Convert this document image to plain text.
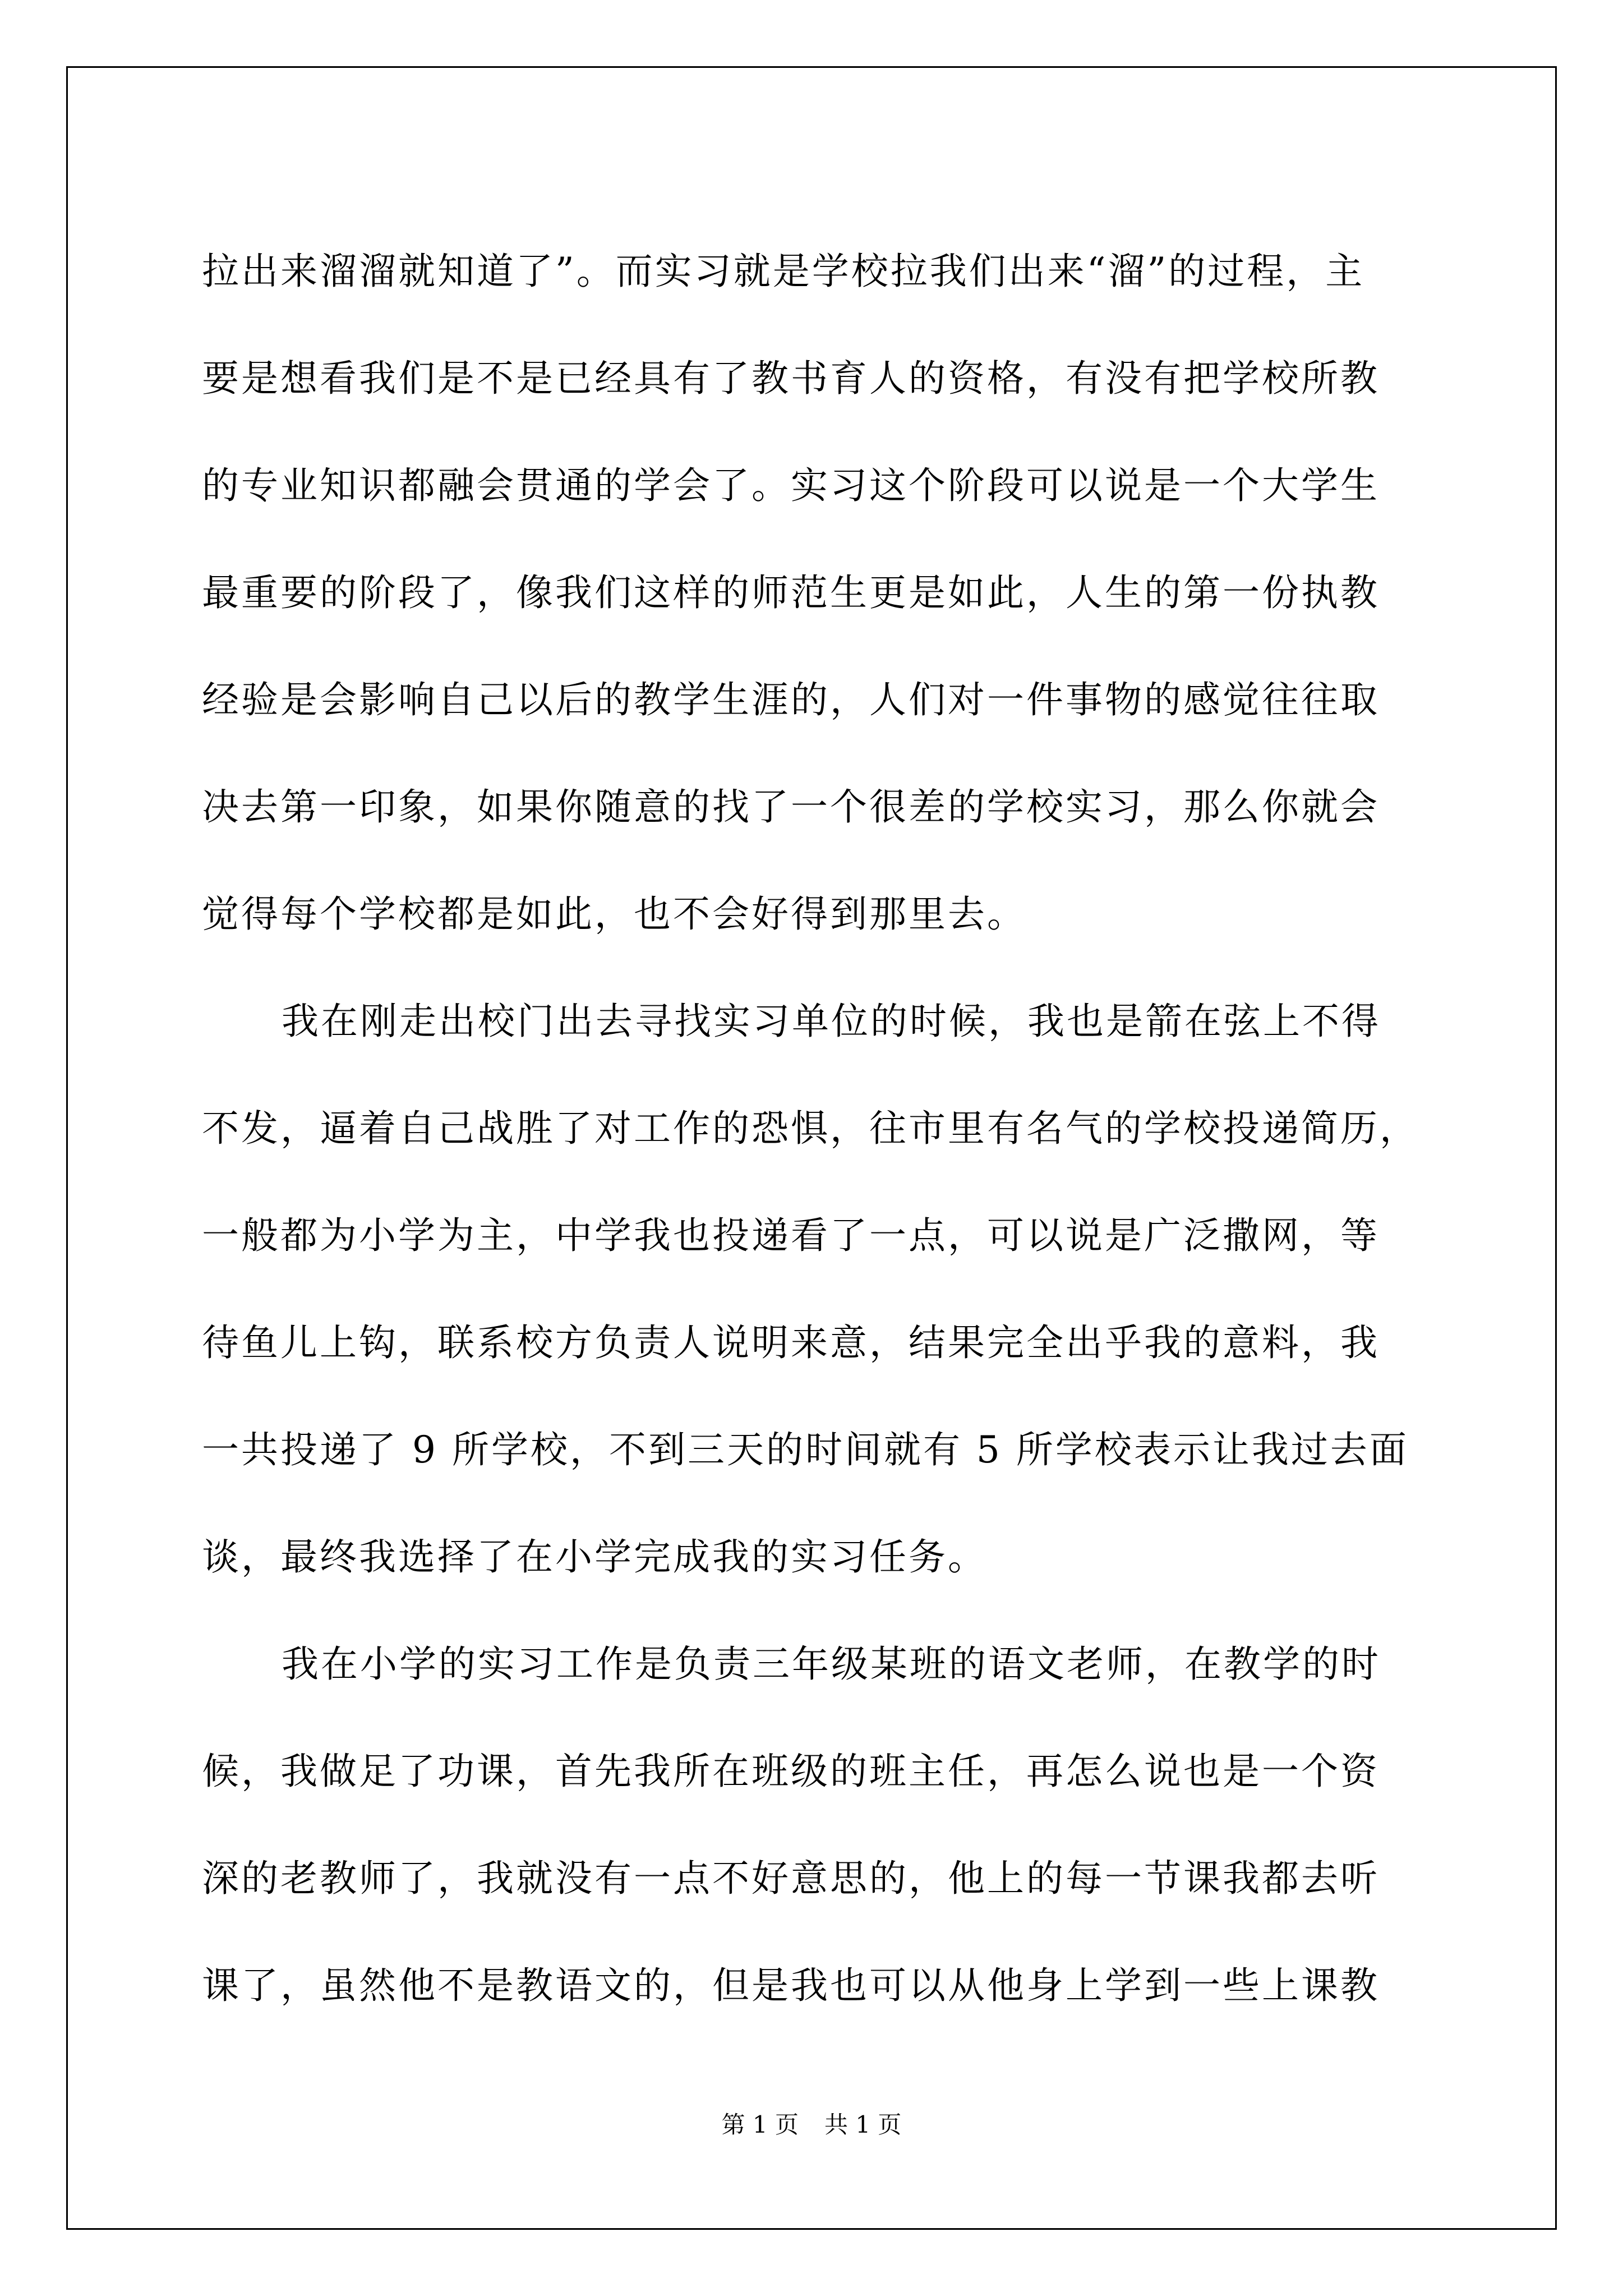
拉出来溜溜就知道了”。而实习就是学校拉我们出来“溜”的过程，主
要是想看我们是不是已经具有了教书育人的资格，有没有把学校所教
的专业知识都融会贯通的学会了。实习这个阶段可以说是一个大学生
最重要的阶段了，像我们这样的师范生更是如此，人生的第一份执教
经验是会影响自己以后的教学生涯的，人们对一件事物的感觉往往取
决去第一印象，如果你随意的找了一个很差的学校实习，那么你就会
觉得每个学校都是如此，也不会好得到那里去。
我在刚走出校门出去寻找实习单位的时候，我也是箭在弦上不得
不发，逼着自己战胜了对工作的恐惧，往市里有名气的学校投递简历，
一般都为小学为主，中学我也投递看了一点，可以说是广泛撒网，等
待鱼儿上钩，联系校方负责人说明来意，结果完全出乎我的意料，我
一共投递了 9 所学校，不到三天的时间就有 5 所学校表示让我过去面
谈，最终我选择了在小学完成我的实习任务。
我在小学的实习工作是负责三年级某班的语文老师，在教学的时
候，我做足了功课，首先我所在班级的班主任，再怎么说也是一个资
深的老教师了，我就没有一点不好意思的，他上的每一节课我都去听
课了，虽然他不是教语文的，但是我也可以从他身上学到一些上课教
第 1 页 共 1 页
